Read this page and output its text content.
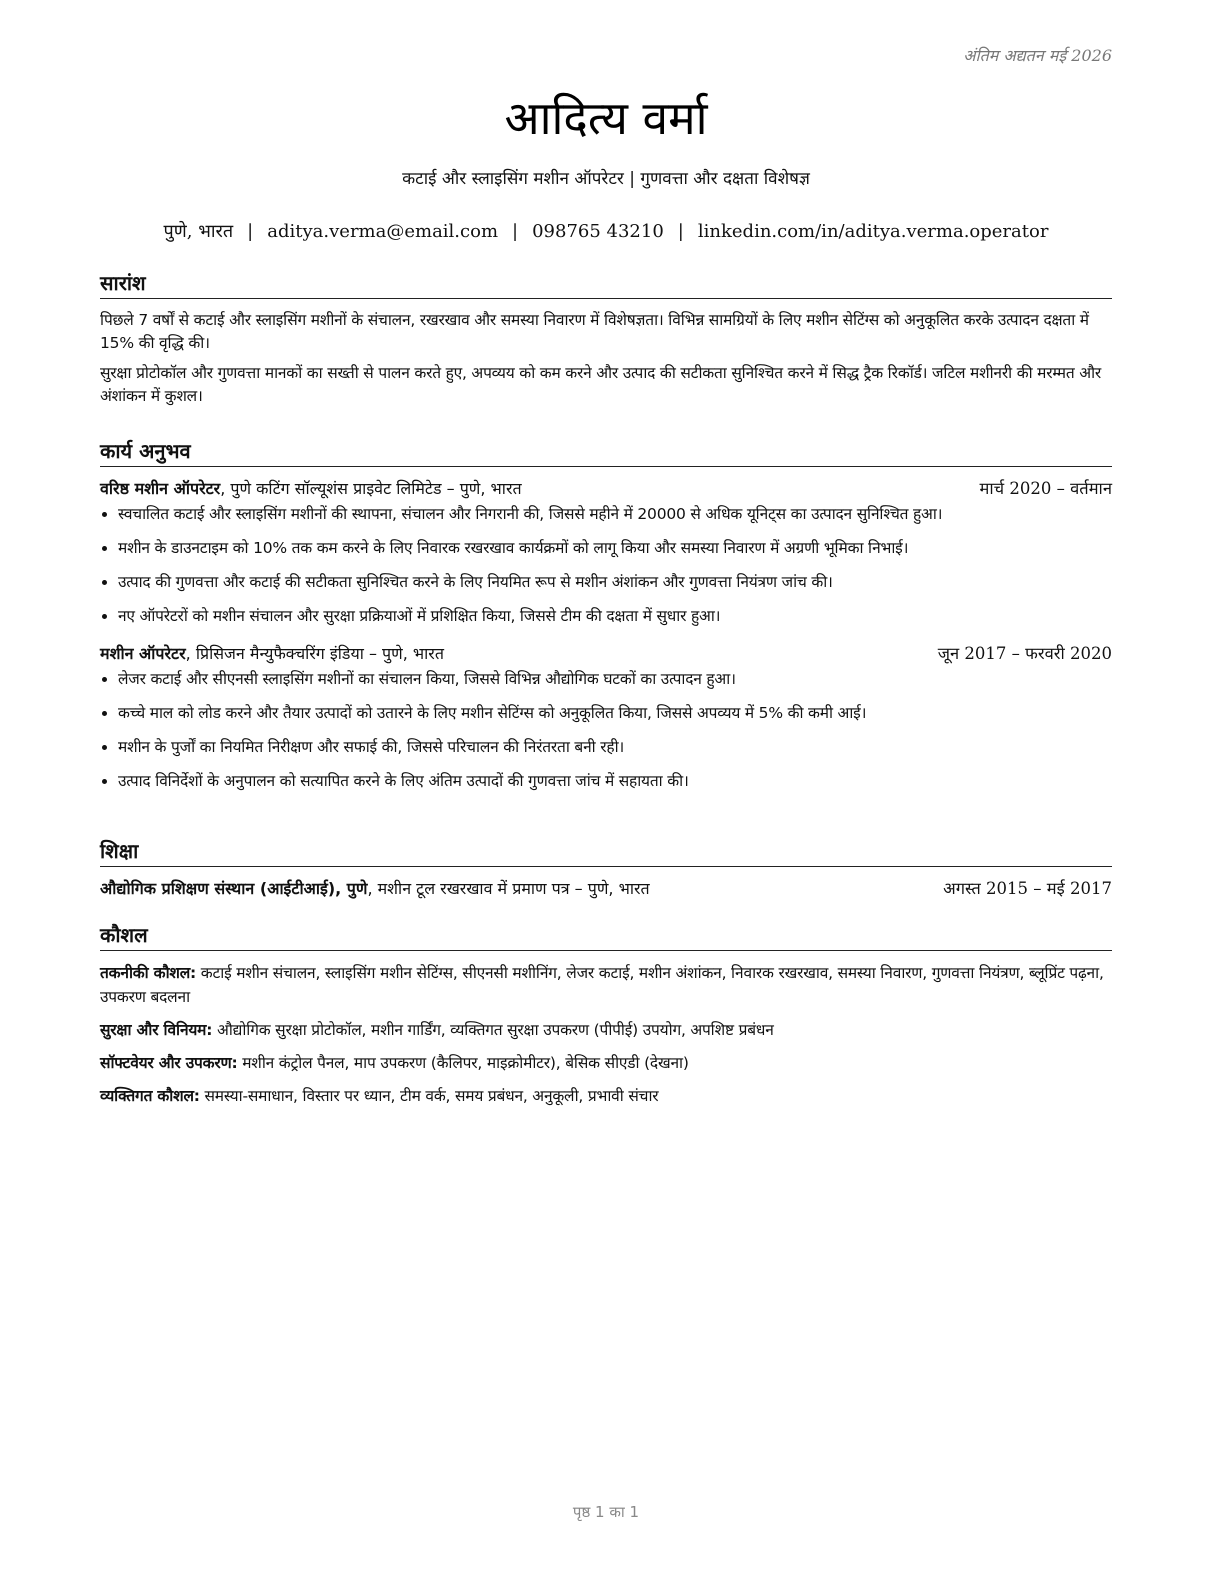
अंतिम अद्यतन मई 2026
आदित्य वर्मा
कटाई और स्लाइसिंग मशीन ऑपरेटर | गुणवत्ता और दक्षता विशेषज्ञ
पुणे, भारत | aditya.verma@email.com | 098765 43210 | linkedin.com/in/aditya.verma.operator
सारांश

पिछले 7 वर्षों से कटाई और स्लाइसिंग मशीनों के संचालन, रखरखाव और समस्या निवारण में विशेषज्ञता। विभिन्न सामग्रियों के लिए मशीन सेटिंग्स को अनुकूलित करके उत्पादन दक्षता में 15% की वृद्धि की।

सुरक्षा प्रोटोकॉल और गुणवत्ता मानकों का सख्ती से पालन करते हुए, अपव्यय को कम करने और उत्पाद की सटीकता सुनिश्चित करने में सिद्ध ट्रैक रिकॉर्ड। जटिल मशीनरी की मरम्मत और अंशांकन में कुशल।

कार्य अनुभव
वरिष्ठ मशीन ऑपरेटर, पुणे कटिंग सॉल्यूशंस प्राइवेट लिमिटेड – पुणे, भारत	मार्च 2020 – वर्तमान
• स्वचालित कटाई और स्लाइसिंग मशीनों की स्थापना, संचालन और निगरानी की, जिससे महीने में 20000 से अधिक यूनिट्स का उत्पादन सुनिश्चित हुआ।
• मशीन के डाउनटाइम को 10% तक कम करने के लिए निवारक रखरखाव कार्यक्रमों को लागू किया और समस्या निवारण में अग्रणी भूमिका निभाई।
• उत्पाद की गुणवत्ता और कटाई की सटीकता सुनिश्चित करने के लिए नियमित रूप से मशीन अंशांकन और गुणवत्ता नियंत्रण जांच की।
• नए ऑपरेटरों को मशीन संचालन और सुरक्षा प्रक्रियाओं में प्रशिक्षित किया, जिससे टीम की दक्षता में सुधार हुआ।
मशीन ऑपरेटर, प्रिसिजन मैन्युफैक्चरिंग इंडिया – पुणे, भारत	जून 2017 – फरवरी 2020
• लेजर कटाई और सीएनसी स्लाइसिंग मशीनों का संचालन किया, जिससे विभिन्न औद्योगिक घटकों का उत्पादन हुआ।
• कच्चे माल को लोड करने और तैयार उत्पादों को उतारने के लिए मशीन सेटिंग्स को अनुकूलित किया, जिससे अपव्यय में 5% की कमी आई।
• मशीन के पुर्जों का नियमित निरीक्षण और सफाई की, जिससे परिचालन की निरंतरता बनी रही।
• उत्पाद विनिर्देशों के अनुपालन को सत्यापित करने के लिए अंतिम उत्पादों की गुणवत्ता जांच में सहायता की।
शिक्षा
औद्योगिक प्रशिक्षण संस्थान (आईटीआई), पुणे, मशीन टूल रखरखाव में प्रमाण पत्र – पुणे, भारत	अगस्त 2015 – मई 2017
कौशल

तकनीकी कौशल: कटाई मशीन संचालन, स्लाइसिंग मशीन सेटिंग्स, सीएनसी मशीनिंग, लेजर कटाई, मशीन अंशांकन, निवारक रखरखाव, समस्या निवारण, गुणवत्ता नियंत्रण, ब्लूप्रिंट पढ़ना, उपकरण बदलना

सुरक्षा और विनियम: औद्योगिक सुरक्षा प्रोटोकॉल, मशीन गार्डिंग, व्यक्तिगत सुरक्षा उपकरण (पीपीई) उपयोग, अपशिष्ट प्रबंधन

सॉफ्टवेयर और उपकरण: मशीन कंट्रोल पैनल, माप उपकरण (कैलिपर, माइक्रोमीटर), बेसिक सीएडी (देखना)

व्यक्तिगत कौशल: समस्या-समाधान, विस्तार पर ध्यान, टीम वर्क, समय प्रबंधन, अनुकूली, प्रभावी संचार

पृष्ठ 1 का 1
